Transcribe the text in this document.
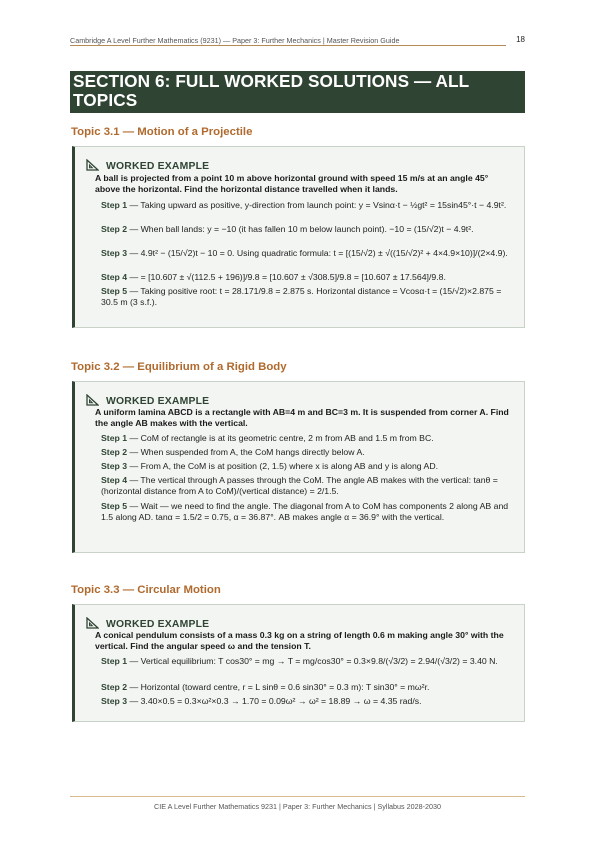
Cambridge A Level Further Mathematics (9231) — Paper 3: Further Mechanics | Master Revision Guide	18
SECTION 6: FULL WORKED SOLUTIONS — ALL
TOPICS
Topic 3.1 — Motion of a Projectile
WORKED EXAMPLE
A ball is projected from a point 10 m above horizontal ground with speed 15 m/s at an angle 45° above the horizontal. Find the horizontal distance travelled when it lands.
Step 1 — Taking upward as positive, y-direction from launch point: y = Vsinα·t − ½gt² = 15sin45°·t − 4.9t².
Step 2 — When ball lands: y = −10 (it has fallen 10 m below launch point). −10 = (15/√2)t − 4.9t².
Step 3 — 4.9t² − (15/√2)t − 10 = 0. Using quadratic formula: t = [(15/√2) ± √((15/√2)² + 4×4.9×10)]/(2×4.9).
Step 4 — = [10.607 ± √(112.5 + 196)]/9.8 = [10.607 ± √308.5]/9.8 = [10.607 ± 17.564]/9.8.
Step 5 — Taking positive root: t = 28.171/9.8 = 2.875 s. Horizontal distance = Vcosα·t = (15/√2)×2.875 = 30.5 m (3 s.f.).
Topic 3.2 — Equilibrium of a Rigid Body
WORKED EXAMPLE
A uniform lamina ABCD is a rectangle with AB=4 m and BC=3 m. It is suspended from corner A. Find the angle AB makes with the vertical.
Step 1 — CoM of rectangle is at its geometric centre, 2 m from AB and 1.5 m from BC.
Step 2 — When suspended from A, the CoM hangs directly below A.
Step 3 — From A, the CoM is at position (2, 1.5) where x is along AB and y is along AD.
Step 4 — The vertical through A passes through the CoM. The angle AB makes with the vertical: tanθ = (horizontal distance from A to CoM)/(vertical distance) = 2/1.5.
Step 5 — Wait — we need to find the angle. The diagonal from A to CoM has components 2 along AB and 1.5 along AD. tanα = 1.5/2 = 0.75, α = 36.87°. AB makes angle α = 36.9° with the vertical.
Topic 3.3 — Circular Motion
WORKED EXAMPLE
A conical pendulum consists of a mass 0.3 kg on a string of length 0.6 m making angle 30° with the vertical. Find the angular speed ω and the tension T.
Step 1 — Vertical equilibrium: T cos30° = mg → T = mg/cos30° = 0.3×9.8/(√3/2) = 2.94/(√3/2) = 3.40 N.
Step 2 — Horizontal (toward centre, r = L sinθ = 0.6 sin30° = 0.3 m): T sin30° = mω²r.
Step 3 — 3.40×0.5 = 0.3×ω²×0.3 → 1.70 = 0.09ω² → ω² = 18.89 → ω = 4.35 rad/s.
CIE A Level Further Mathematics 9231 | Paper 3: Further Mechanics | Syllabus 2028-2030
